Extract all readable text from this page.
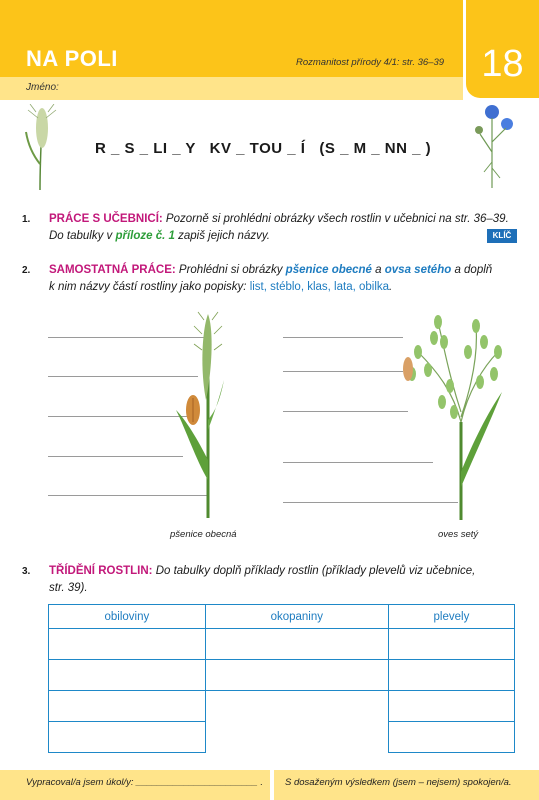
18
NA POLI	Rozmanitost přírody 4/1: str. 36–39
Jméno:
R _ S _ LI _ Y   KV _ TOU _ Í   (S _ M _ NN _ )
1. PRÁCE S UČEBNICÍ: Pozorně si prohlédni obrázky všech rostlin v učebnici na str. 36–39.
Do tabulky v příloze č. 1 zapiš jejich názvy.	KLÍČ
2. SAMOSTATNÁ PRÁCE: Prohlédni si obrázky pšenice obecné a ovsa setého a doplň
k nim názvy částí rostliny jako popisky: list, stéblo, klas, lata, obilka.
pšenice obecná	oves setý
3. TŘÍDĚNÍ ROSTLIN: Do tabulky doplň příklady rostlin (příklady plevelů viz učebnice,
str. 39).
obiloviny	okopaniny	plevely

Vypracoval/a jsem úkol/y: _______________________ . S dosaženým výsledkem (jsem – nejsem) spokojen/a.
